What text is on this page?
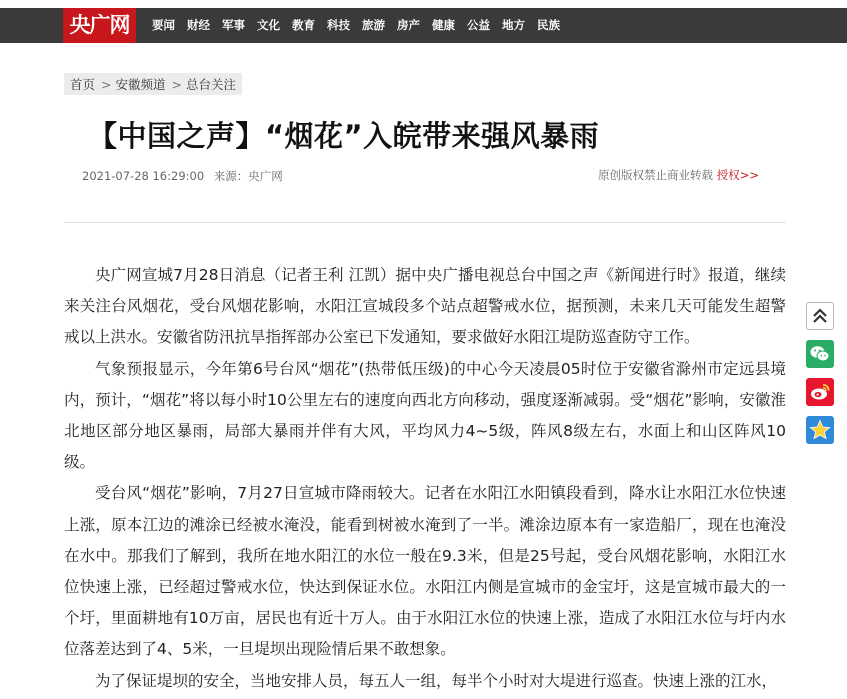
央广网	要闻	财经	军事	文化	教育	科技	旅游	房产	健康	公益	地方	民族
首页 > 安徽频道 > 总台关注
【中国之声】“烟花”入皖带来强风暴雨
2021-07-28 16:29:00 来源：央广网	原创版权禁止商业转载 授权>>

央广网宣城7月28日消息（记者王利 江凯）据中央广播电视总台中国之声《新闻进行时》报道，继续来关注台风烟花，受台风烟花影响，水阳江宣城段多个站点超警戒水位，据预测，未来几天可能发生超警戒以上洪水。安徽省防汛抗旱指挥部办公室已下发通知，要求做好水阳江堤防巡查防守工作。

气象预报显示，今年第6号台风“烟花”(热带低压级)的中心今天凌晨05时位于安徽省滁州市定远县境内，预计，“烟花”将以每小时10公里左右的速度向西北方向移动，强度逐渐减弱。受“烟花”影响，安徽淮北地区部分地区暴雨，局部大暴雨并伴有大风，平均风力4~5级，阵风8级左右，水面上和山区阵风10级。

受台风“烟花”影响，7月27日宣城市降雨较大。记者在水阳江水阳镇段看到，降水让水阳江水位快速上涨，原本江边的滩涂已经被水淹没，能看到树被水淹到了一半。滩涂边原本有一家造船厂，现在也淹没在水中。那我们了解到，我所在地水阳江的水位一般在9.3米，但是25号起，受台风烟花影响，水阳江水位快速上涨，已经超过警戒水位，快达到保证水位。水阳江内侧是宣城市的金宝圩，这是宣城市最大的一个圩，里面耕地有10万亩，居民也有近十万人。由于水阳江水位的快速上涨，造成了水阳江水位与圩内水位落差达到了4、5米，一旦堤坝出现险情后果不敢想象。

为了保证堤坝的安全，当地安排人员，每五人一组，每半个小时对大堤进行巡查。快速上涨的江水，
